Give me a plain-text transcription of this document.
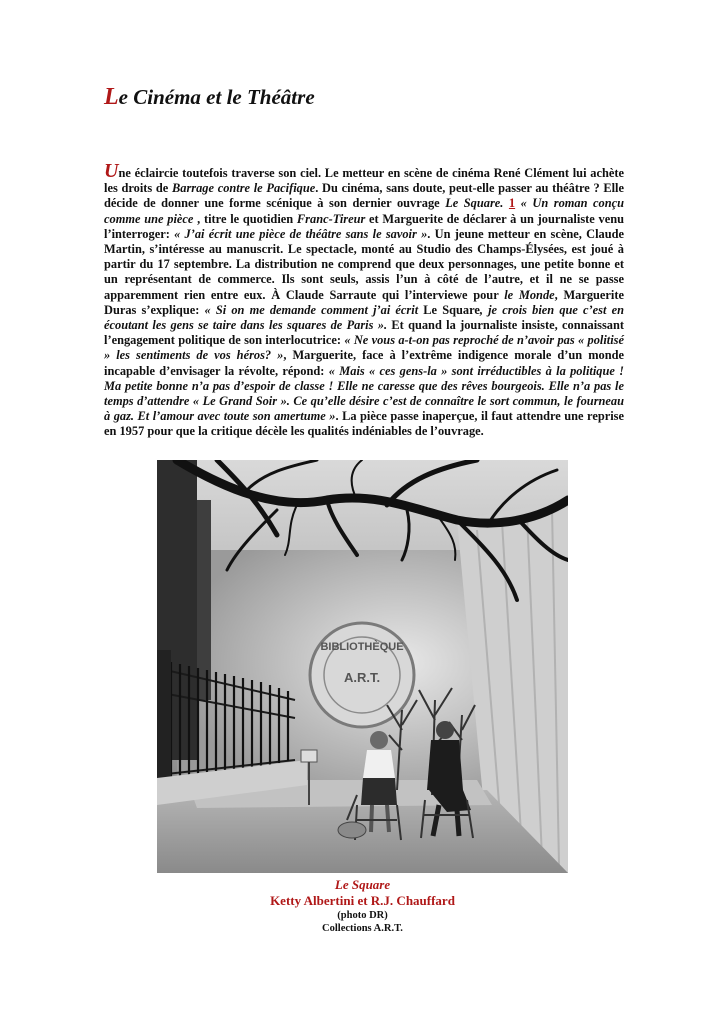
Le Cinéma et le Théâtre

Une éclaircie toutefois traverse son ciel. Le metteur en scène de cinéma René Clément lui achète les droits de Barrage contre le Pacifique. Du cinéma, sans doute, peut-elle passer au théâtre ? Elle décide de donner une forme scénique à son dernier ouvrage Le Square. 1 « Un roman conçu comme une pièce , titre le quotidien Franc-Tireur et Marguerite de déclarer à un journaliste venu l’interroger: « J’ai écrit une pièce de théâtre sans le savoir ». Un jeune metteur en scène, Claude Martin, s’intéresse au manuscrit. Le spectacle, monté au Studio des Champs-Élysées, est joué à partir du 17 septembre. La distribution ne comprend que deux personnages, une petite bonne et un représentant de commerce. Ils sont seuls, assis l’un à côté de l’autre, et il ne se passe apparemment rien entre eux. À Claude Sarraute qui l’interviewe pour le Monde, Marguerite Duras s’explique: « Si on me demande comment j’ai écrit Le Square, je crois bien que c’est en écoutant les gens se taire dans les squares de Paris ». Et quand la journaliste insiste, connaissant l’engagement politique de son interlocutrice: « Ne vous a-t-on pas reproché de n’avoir pas « politisé » les sentiments de vos héros? », Marguerite, face à l’extrême indigence morale d’un monde incapable d’envisager la révolte, répond: « Mais « ces gens-la » sont irréductibles à la politique ! Ma petite bonne n’a pas d’espoir de classe ! Elle ne caresse que des rêves bourgeois. Elle n’a pas le temps d’attendre « Le Grand Soir ». Ce qu’elle désire c’est de connaître le sort commun, le fourneau à gaz. Et l’amour avec toute son amertume ». La pièce passe inaperçue, il faut attendre une reprise en 1957 pour que la critique décèle les qualités indéniables de l’ouvrage.

BIBLIOTHÈQUE
A.R.T.
Le Square
Ketty Albertini et R.J. Chauffard
(photo DR)
Collections A.R.T.
